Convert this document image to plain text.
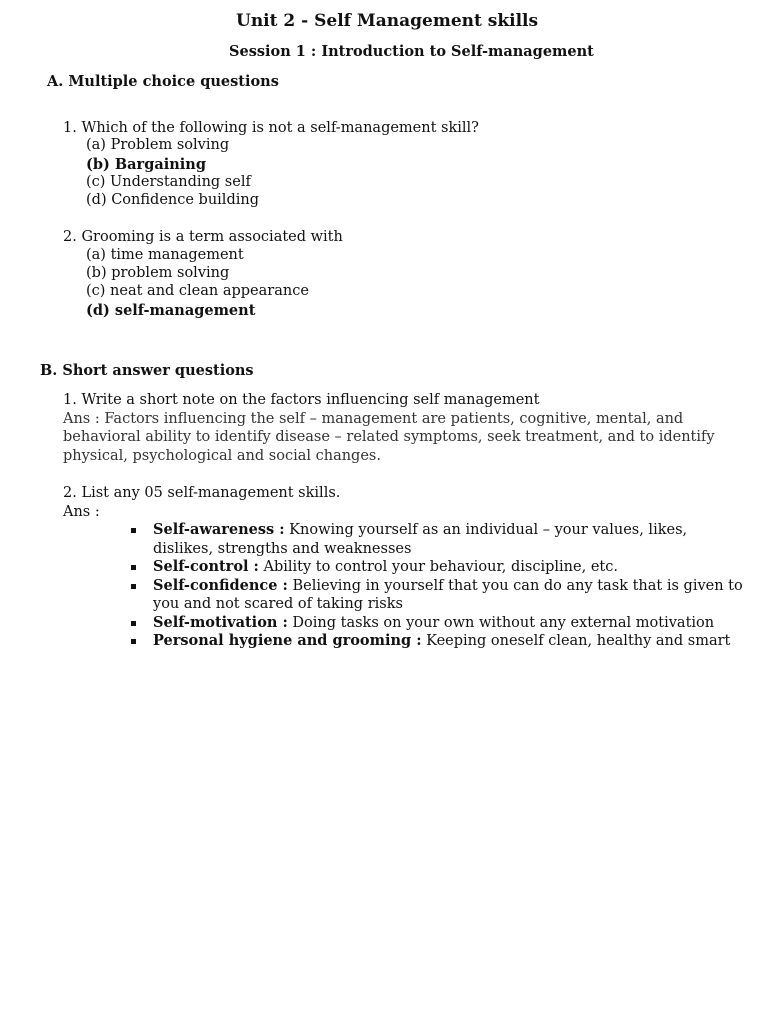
Unit 2 - Self Management skills
Session 1 : Introduction to Self-management
A. Multiple choice questions
1. Which of the following is not a self-management skill?
(a) Problem solving
(b) Bargaining
(c) Understanding self
(d) Confidence building
2. Grooming is a term associated with
(a) time management
(b) problem solving
(c) neat and clean appearance
(d) self-management
B. Short answer questions
1. Write a short note on the factors influencing self management
Ans : Factors influencing the self – management are patients, cognitive, mental, and
behavioral ability to identify disease – related symptoms, seek treatment, and to identify
physical, psychological and social changes.
2. List any 05 self-management skills.
Ans :
Self-awareness : Knowing yourself as an individual – your values, likes, dislikes, strengths and weaknesses
Self-control : Ability to control your behaviour, discipline, etc.
Self-confidence : Believing in yourself that you can do any task that is given to you and not scared of taking risks
Self-motivation : Doing tasks on your own without any external motivation
Personal hygiene and grooming : Keeping oneself clean, healthy and smart
